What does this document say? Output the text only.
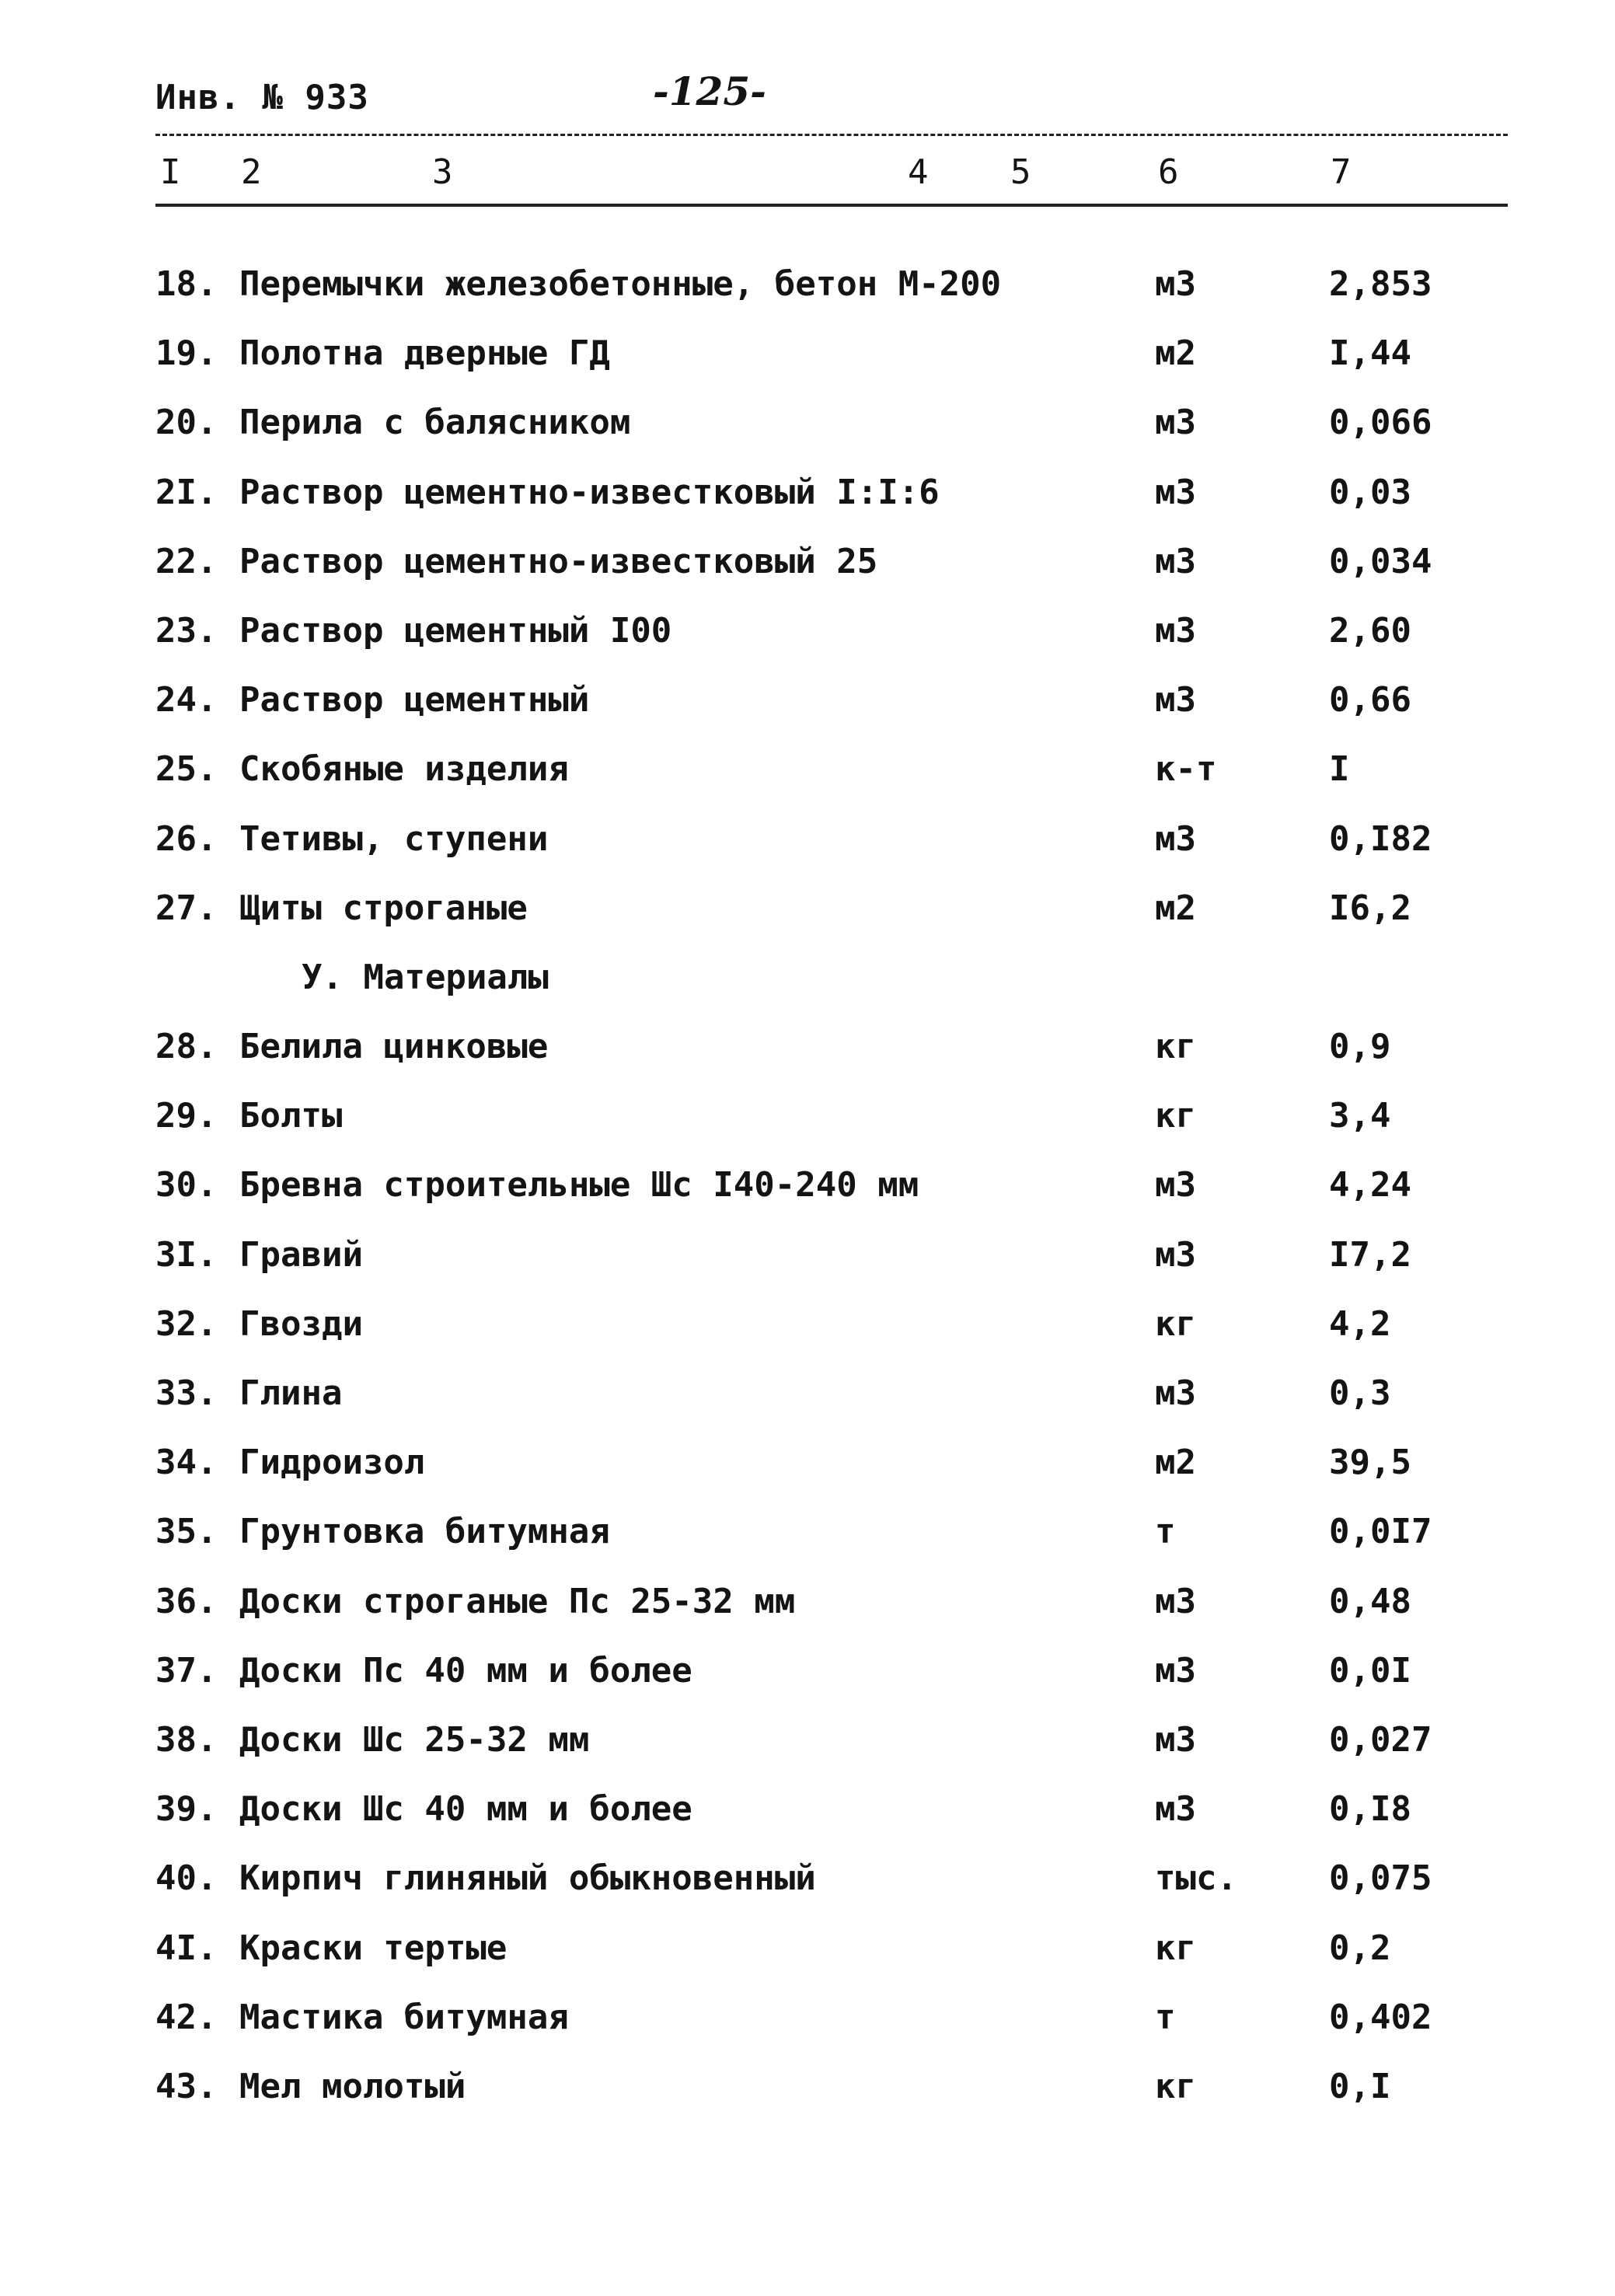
Инв. № 933	-125-
I 2	3	4 5	6	7
18. Перемычки железобетонные, бетон М-200	м3	2,853
19. Полотна дверные ГД	м2	I,44
20. Перила с балясником	м3	0,066
2I. Раствор цементно-известковый I:I:6	м3	0,03
22. Раствор цементно-известковый 25	м3	0,034
23. Раствор цементный I00	м3	2,60
24. Раствор цементный	м3	0,66
25. Скобяные изделия	к-т	I
26. Тетивы, ступени	м3	0,I82
27. Щиты строганые	м2	I6,2
У. Материалы
28. Белила цинковые	кг	0,9
29. Болты	кг	3,4
30. Бревна строительные Шс I40-240 мм	м3	4,24
3I. Гравий	м3	I7,2
32. Гвозди	кг	4,2
33. Глина	м3	0,3
34. Гидроизол	м2	39,5
35. Грунтовка битумная	т	0,0I7
36. Доски строганые Пс 25-32 мм	м3	0,48
37. Доски Пс 40 мм и более	м3	0,0I
38. Доски Шс 25-32 мм	м3	0,027
39. Доски Шс 40 мм и более	м3	0,I8
40. Кирпич глиняный обыкновенный	тыс.	0,075
4I. Краски тертые	кг	0,2
42. Мастика битумная	т	0,402
43. Мел молотый	кг	0,I
